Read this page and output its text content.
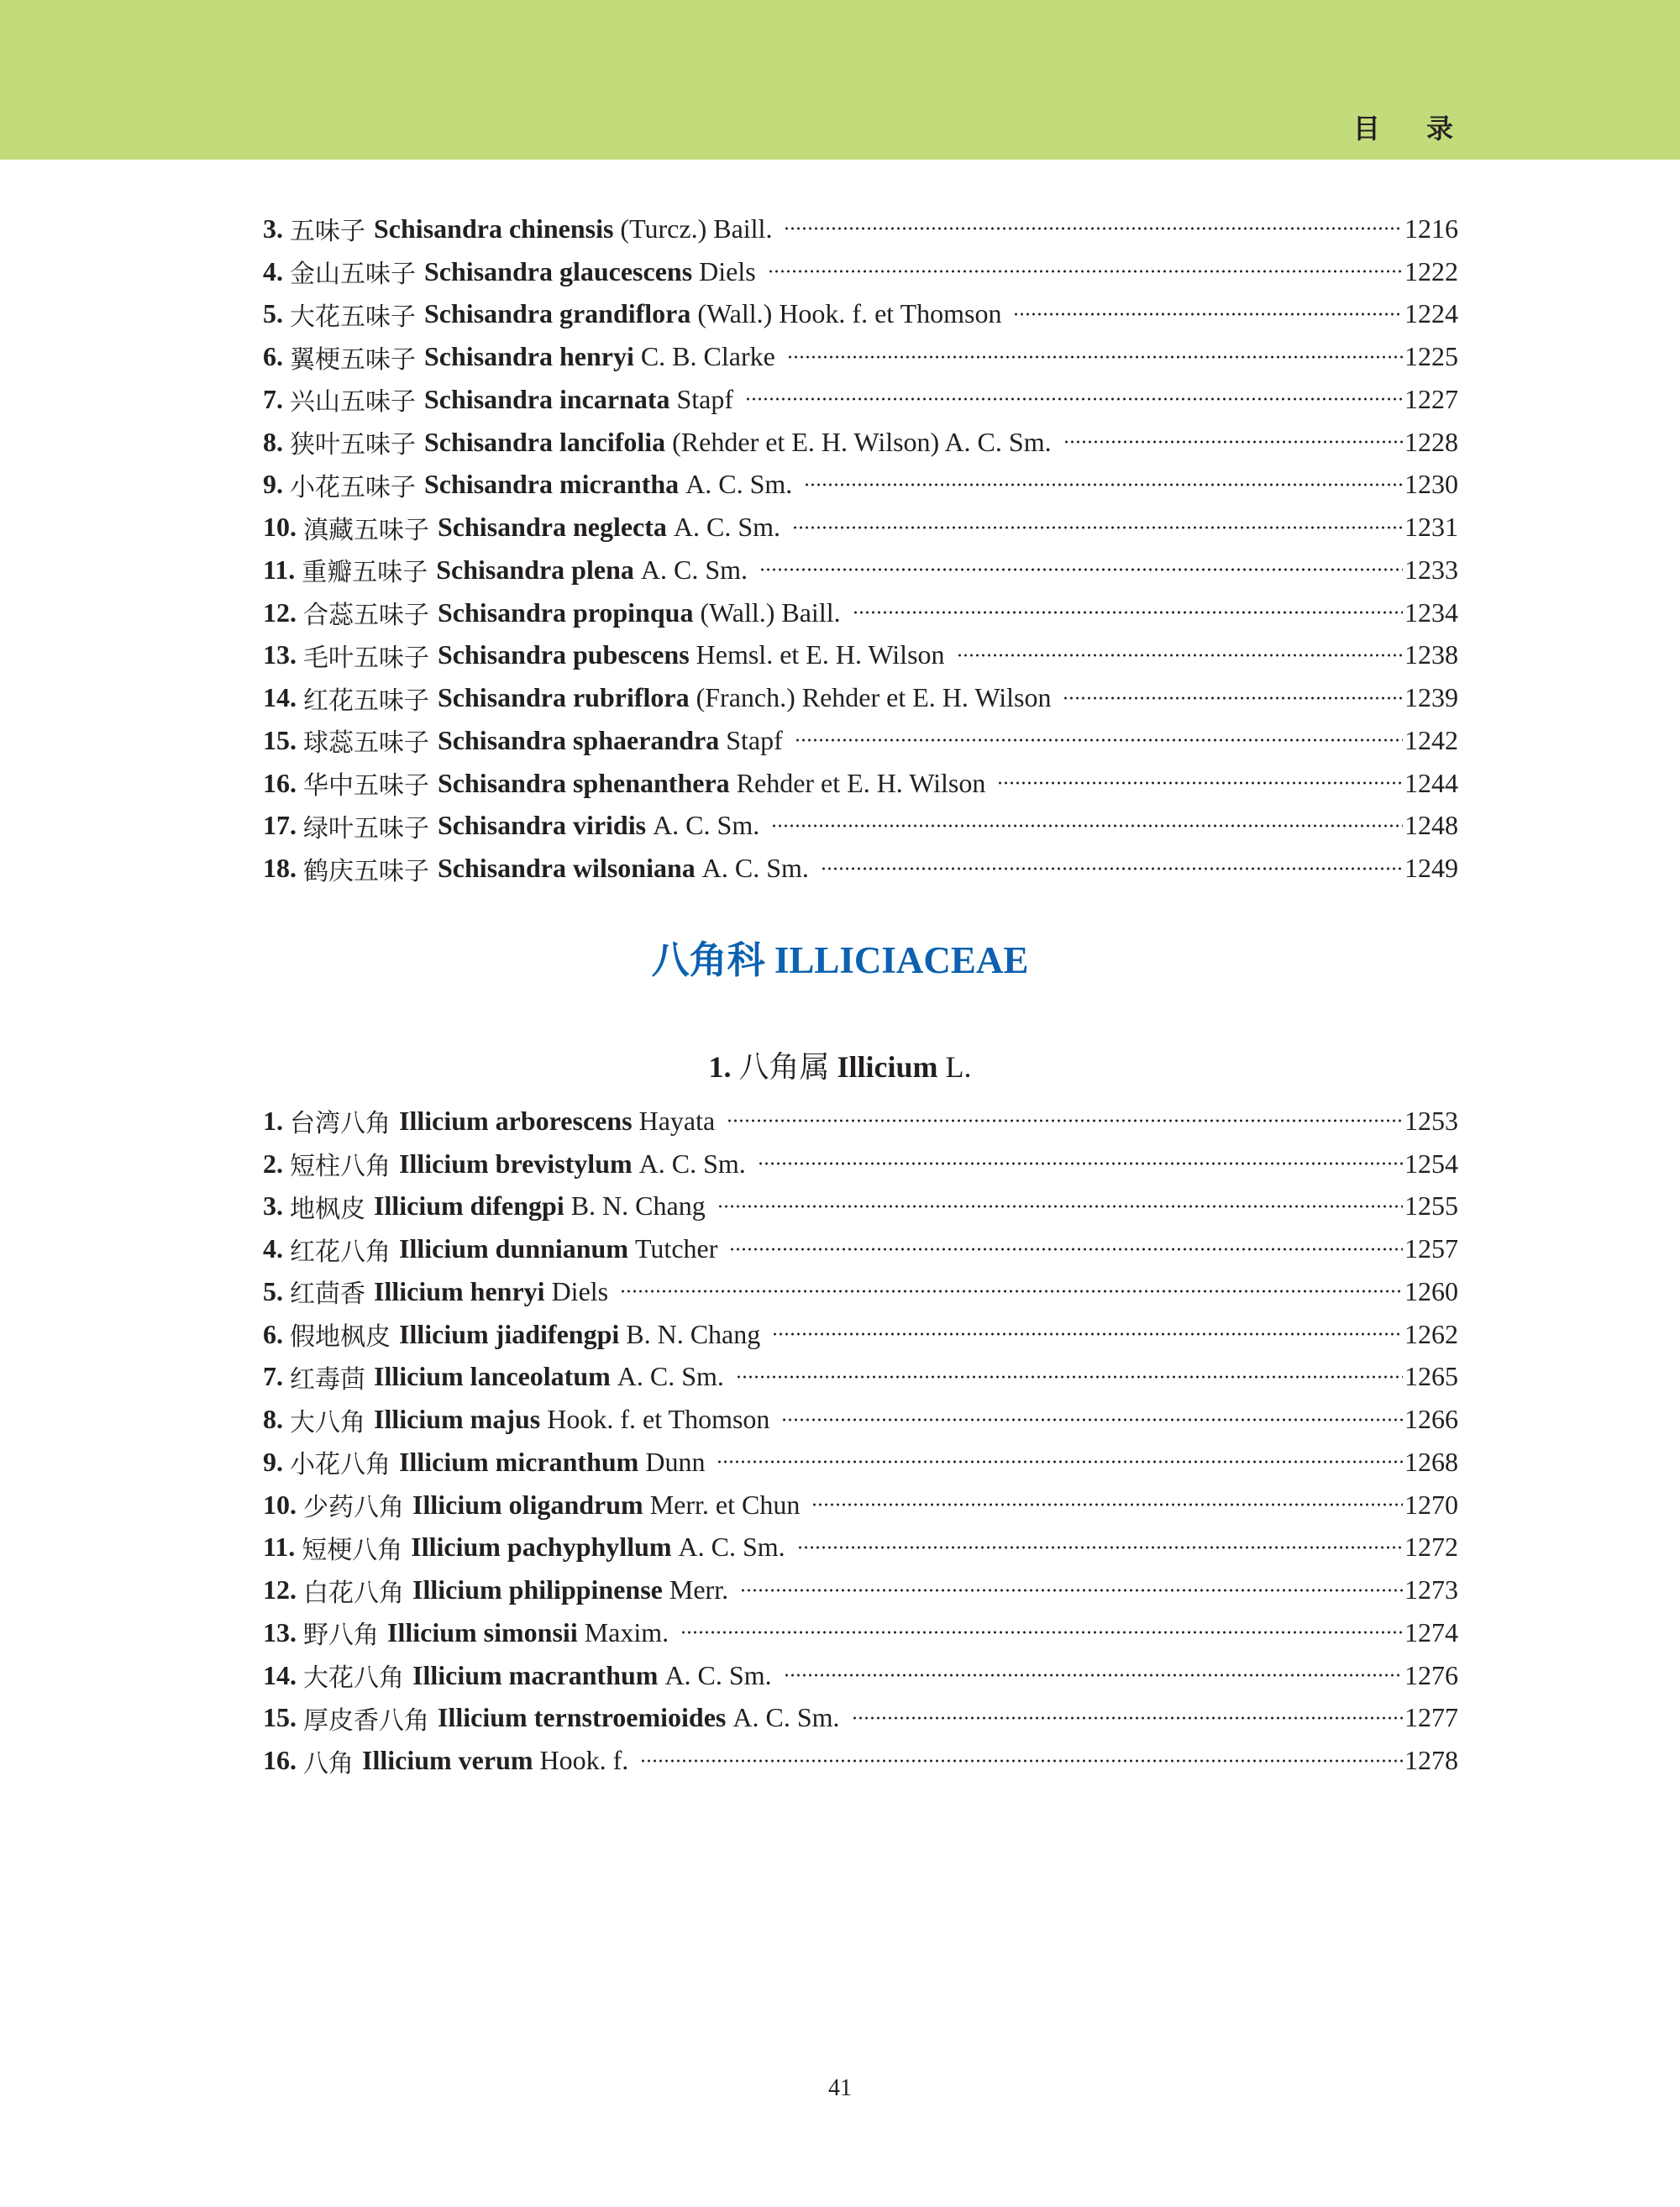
目 录
3. 五味子 Schisandra chinensis (Turcz.) Baill.	1216
4. 金山五味子 Schisandra glaucescens Diels	1222
5. 大花五味子 Schisandra grandiflora (Wall.) Hook. f. et Thomson	1224
6. 翼梗五味子 Schisandra henryi C. B. Clarke	1225
7. 兴山五味子 Schisandra incarnata Stapf	1227
8. 狭叶五味子 Schisandra lancifolia (Rehder et E. H. Wilson) A. C. Sm.	1228
9. 小花五味子 Schisandra micrantha A. C. Sm.	1230
10. 滇藏五味子 Schisandra neglecta A. C. Sm.	1231
11. 重瓣五味子 Schisandra plena A. C. Sm.	1233
12. 合蕊五味子 Schisandra propinqua (Wall.) Baill.	1234
13. 毛叶五味子 Schisandra pubescens Hemsl. et E. H. Wilson	1238
14. 红花五味子 Schisandra rubriflora (Franch.) Rehder et E. H. Wilson	1239
15. 球蕊五味子 Schisandra sphaerandra Stapf	1242
16. 华中五味子 Schisandra sphenanthera Rehder et E. H. Wilson	1244
17. 绿叶五味子 Schisandra viridis A. C. Sm.	1248
18. 鹤庆五味子 Schisandra wilsoniana A. C. Sm.	1249
八角科 ILLICIACEAE
1. 八角属 Illicium L.
1. 台湾八角 Illicium arborescens Hayata	1253
2. 短柱八角 Illicium brevistylum A. C. Sm.	1254
3. 地枫皮 Illicium difengpi B. N. Chang	1255
4. 红花八角 Illicium dunnianum Tutcher	1257
5. 红茴香 Illicium henryi Diels	1260
6. 假地枫皮 Illicium jiadifengpi B. N. Chang	1262
7. 红毒茴 Illicium lanceolatum A. C. Sm.	1265
8. 大八角 Illicium majus Hook. f. et Thomson	1266
9. 小花八角 Illicium micranthum Dunn	1268
10. 少药八角 Illicium oligandrum Merr. et Chun	1270
11. 短梗八角 Illicium pachyphyllum A. C. Sm.	1272
12. 白花八角 Illicium philippinense Merr.	1273
13. 野八角 Illicium simonsii Maxim.	1274
14. 大花八角 Illicium macranthum A. C. Sm.	1276
15. 厚皮香八角 Illicium ternstroemioides A. C. Sm.	1277
16. 八角 Illicium verum Hook. f.	1278
41
